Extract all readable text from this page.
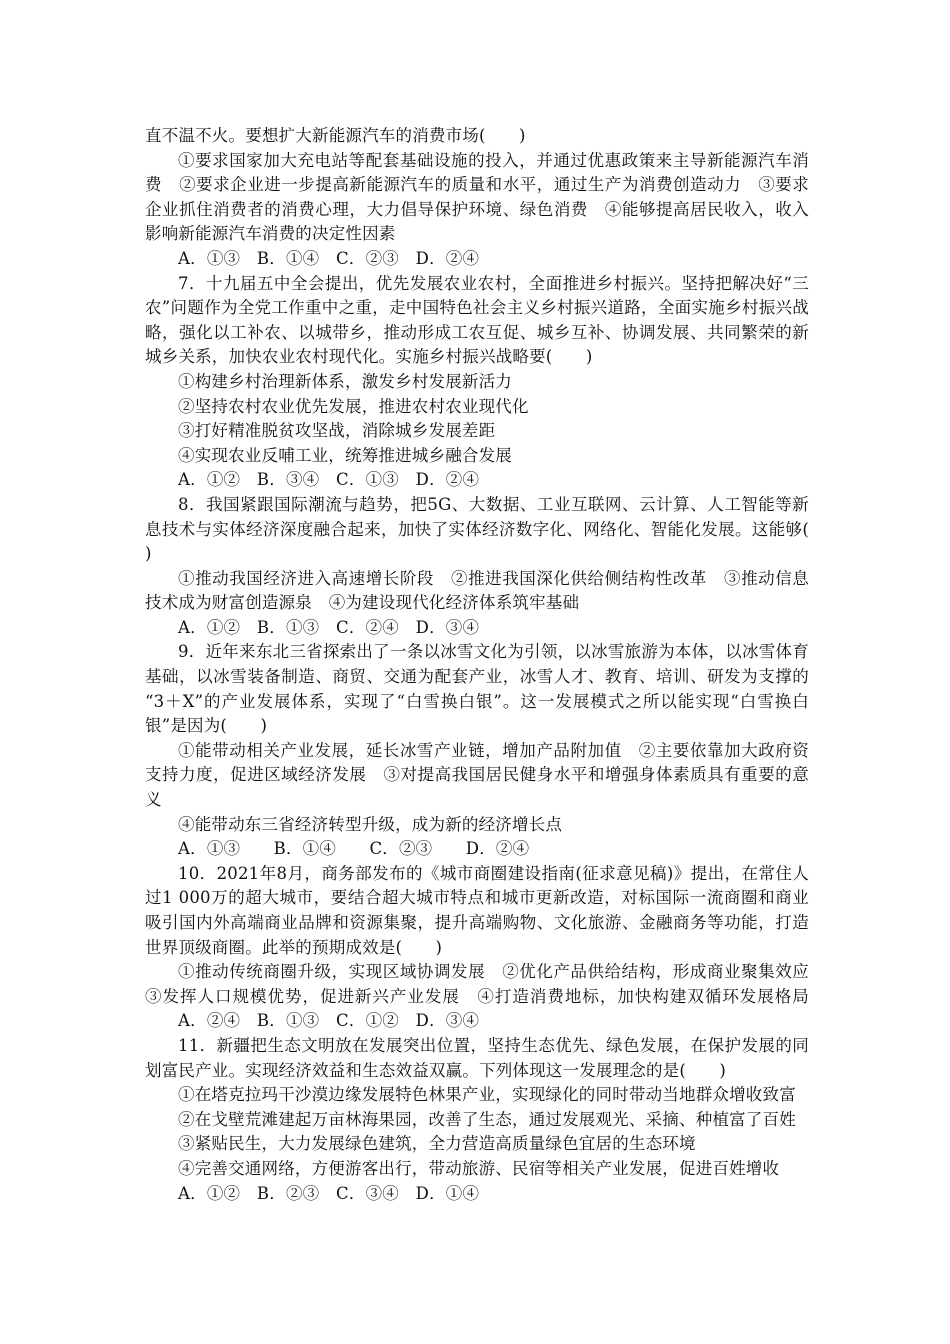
直不温不火。要想扩大新能源汽车的消费市场(　　)
①要求国家加大充电站等配套基础设施的投入，并通过优惠政策来主导新能源汽车消
费　②要求企业进一步提高新能源汽车的质量和水平，通过生产为消费创造动力　③要求
企业抓住消费者的消费心理，大力倡导保护环境、绿色消费　④能够提高居民收入，收入
影响新能源汽车消费的决定性因素
A．①③　B．①④　C．②③　D．②④
7．十九届五中全会提出，优先发展农业农村，全面推进乡村振兴。坚持把解决好“三
农”问题作为全党工作重中之重，走中国特色社会主义乡村振兴道路，全面实施乡村振兴战
略，强化以工补农、以城带乡，推动形成工农互促、城乡互补、协调发展、共同繁荣的新
城乡关系，加快农业农村现代化。实施乡村振兴战略要(　　)
①构建乡村治理新体系，激发乡村发展新活力
②坚持农村农业优先发展，推进农村农业现代化
③打好精准脱贫攻坚战，消除城乡发展差距
④实现农业反哺工业，统筹推进城乡融合发展
A．①②　B．③④　C．①③　D．②④
8．我国紧跟国际潮流与趋势，把5G、大数据、工业互联网、云计算、人工智能等新
息技术与实体经济深度融合起来，加快了实体经济数字化、网络化、智能化发展。这能够(
)
①推动我国经济进入高速增长阶段　②推进我国深化供给侧结构性改革　③推动信息
技术成为财富创造源泉　④为建设现代化经济体系筑牢基础
A．①②　B．①③　C．②④　D．③④
9．近年来东北三省探索出了一条以冰雪文化为引领，以冰雪旅游为本体，以冰雪体育
基础，以冰雪装备制造、商贸、交通为配套产业，冰雪人才、教育、培训、研发为支撑的
“3＋X”的产业发展体系，实现了“白雪换白银”。这一发展模式之所以能实现“白雪换白
银”是因为(　　)
①能带动相关产业发展，延长冰雪产业链，增加产品附加值　②主要依靠加大政府资
支持力度，促进区域经济发展　③对提高我国居民健身水平和增强身体素质具有重要的意
义
④能带动东三省经济转型升级，成为新的经济增长点
A．①③　　B．①④　　C．②③　　D．②④
10．2021年8月，商务部发布的《城市商圈建设指南(征求意见稿)》提出，在常住人
过1 000万的超大城市，要结合超大城市特点和城市更新改造，对标国际一流商圈和商业
吸引国内外高端商业品牌和资源集聚，提升高端购物、文化旅游、金融商务等功能，打造
世界顶级商圈。此举的预期成效是(　　)
①推动传统商圈升级，实现区域协调发展　②优化产品供给结构，形成商业聚集效应
③发挥人口规模优势，促进新兴产业发展　④打造消费地标，加快构建双循环发展格局
A．②④　B．①③　C．①②　D．③④
11．新疆把生态文明放在发展突出位置，坚持生态优先、绿色发展，在保护发展的同
划富民产业。实现经济效益和生态效益双赢。下列体现这一发展理念的是(　　)
①在塔克拉玛干沙漠边缘发展特色林果产业，实现绿化的同时带动当地群众增收致富
②在戈壁荒滩建起万亩林海果园，改善了生态，通过发展观光、采摘、种植富了百姓
③紧贴民生，大力发展绿色建筑，全力营造高质量绿色宜居的生态环境
④完善交通网络，方便游客出行，带动旅游、民宿等相关产业发展，促进百姓增收
A．①②　B．②③　C．③④　D．①④
